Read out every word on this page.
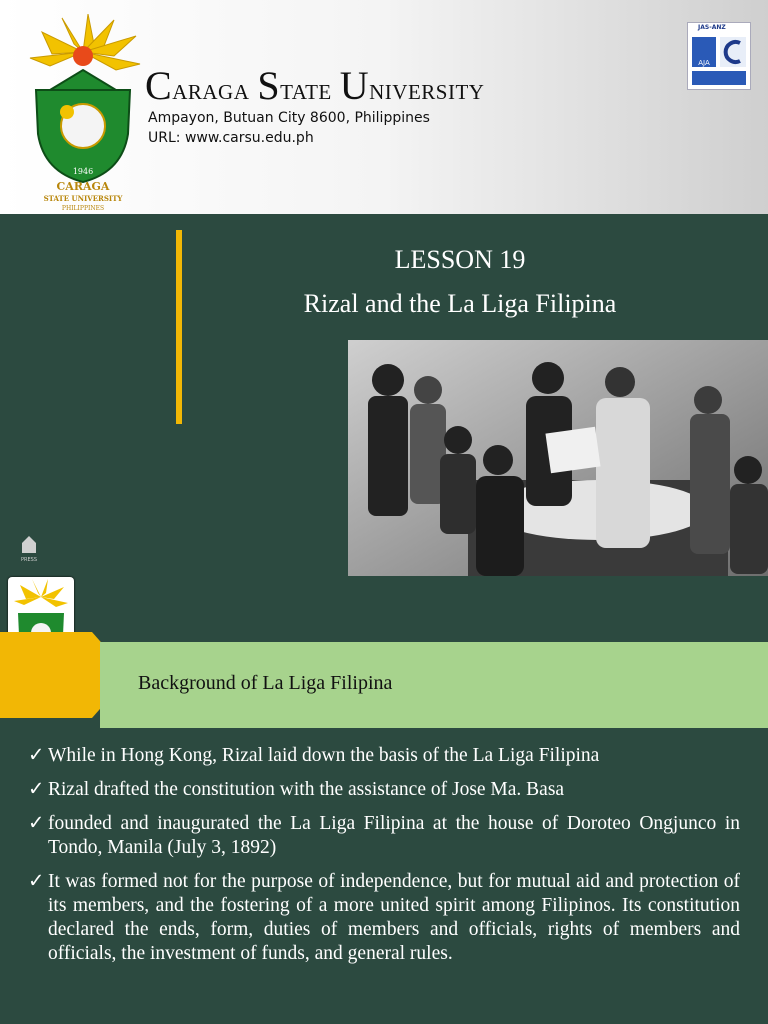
1946
CARAGA
STATE UNIVERSITY
PHILIPPINES
Caraga State University
Ampayon, Butuan City 8600, Philippines
URL: www.carsu.edu.ph
JAS-ANZ
AJA
LESSON 19
Rizal and the La Liga Filipina
PRESS
Background of La Liga Filipina
✓ While in Hong Kong, Rizal laid down the basis of the La Liga Filipina
✓ Rizal drafted the constitution with the assistance of Jose Ma. Basa
✓ founded and inaugurated the La Liga Filipina at the house of Doroteo Ongjunco in Tondo, Manila (July 3, 1892)
✓ It was formed not for the purpose of independence, but for mutual aid and protection of its members, and the fostering of a more united spirit among Filipinos. Its constitution declared the ends, form, duties of members and officials, rights of members and officials, the investment of funds, and general rules.
